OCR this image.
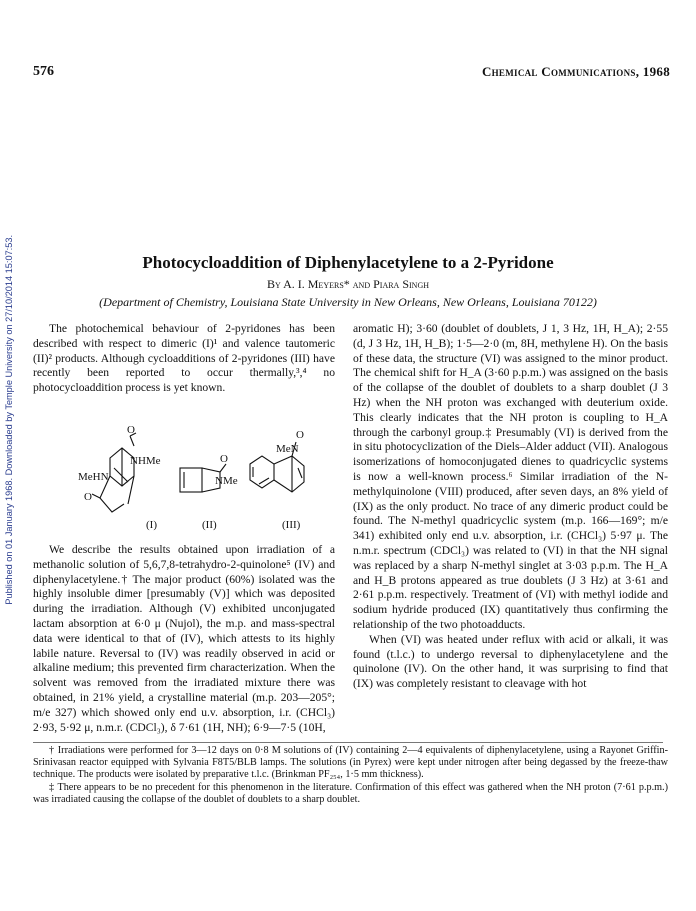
Published on 01 January 1968. Downloaded by Temple University on 27/10/2014 15:07:53.
576	Chemical Communications, 1968
Photocycloaddition of Diphenylacetylene to a 2-Pyridone
By A. I. Meyers* and Piara Singh
(Department of Chemistry, Louisiana State University in New Orleans, New Orleans, Louisiana 70122)

The photochemical behaviour of 2-pyridones has been described with respect to dimeric (I)¹ and valence tautomeric (II)² products. Although cycloadditions of 2-pyridones (III) have recently been reported to occur thermally,³,⁴ no photocycloaddition process is yet known.

O
NHMe
MeHN
O
O
NMe
MeN
O
(I)	(II)	(III)

We describe the results obtained upon irradiation of a methanolic solution of 5,6,7,8-tetrahydro-2-quinolone⁵ (IV) and diphenylacetylene.† The major product (60%) isolated was the highly insoluble dimer [presumably (V)] which was deposited during the irradiation. Although (V) exhibited unconjugated lactam absorption at 6·0 μ (Nujol), the m.p. and mass-spectral data were identical to that of (IV), which attests to its highly labile nature. Reversal to (IV) was readily observed in acid or alkaline medium; this prevented firm characterization. When the solvent was removed from the irradiated mixture there was obtained, in 21% yield, a crystalline material (m.p. 203—205°; m/e 327) which showed only end u.v. absorption, i.r. (CHCl₃) 2·93, 5·92 μ, n.m.r. (CDCl₃), δ 7·61 (1H, NH); 6·9—7·5 (10H,

aromatic H); 3·60 (doublet of doublets, J 1, 3 Hz, 1H, H_A); 2·55 (d, J 3 Hz, 1H, H_B); 1·5—2·0 (m, 8H, methylene H). On the basis of these data, the structure (VI) was assigned to the minor product. The chemical shift for H_A (3·60 p.p.m.) was assigned on the basis of the collapse of the doublet of doublets to a sharp doublet (J 3 Hz) when the NH proton was exchanged with deuterium oxide. This clearly indicates that the NH proton is coupling to H_A through the carbonyl group.‡ Presumably (VI) is derived from the in situ photocyclization of the Diels–Alder adduct (VII). Analogous isomerizations of homoconjugated dienes to quadricyclic systems is now a well-known process.⁶ Similar irradiation of the N-methylquinolone (VIII) produced, after seven days, an 8% yield of (IX) as the only product. No trace of any dimeric product could be found. The N-methyl quadricyclic system (m.p. 166—169°; m/e 341) exhibited only end u.v. absorption, i.r. (CHCl₃) 5·97 μ. The n.m.r. spectrum (CDCl₃) was related to (VI) in that the NH signal was replaced by a sharp N-methyl singlet at 3·03 p.p.m. The H_A and H_B protons appeared as true doublets (J 3 Hz) at 3·61 and 2·61 p.p.m. respectively. Treatment of (VI) with methyl iodide and sodium hydride produced (IX) quantitatively thus confirming the relationship of the two photoadducts.

When (VI) was heated under reflux with acid or alkali, it was found (t.l.c.) to undergo reversal to diphenylacetylene and the quinolone (IV). On the other hand, it was surprising to find that (IX) was completely resistant to cleavage with hot

† Irradiations were performed for 3—12 days on 0·8 M solutions of (IV) containing 2—4 equivalents of diphenylacetylene, using a Rayonet Griffin-Srinivasan reactor equipped with Sylvania F8T5/BLB lamps. The solutions (in Pyrex) were kept under nitrogen after being degassed by the freeze-thaw technique. The products were isolated by preparative t.l.c. (Brinkman PF₂₅₄, 1·5 mm thickness).

‡ There appears to be no precedent for this phenomenon in the literature. Confirmation of this effect was gathered when the NH proton (7·61 p.p.m.) was irradiated causing the collapse of the doublet of doublets to a sharp doublet.
